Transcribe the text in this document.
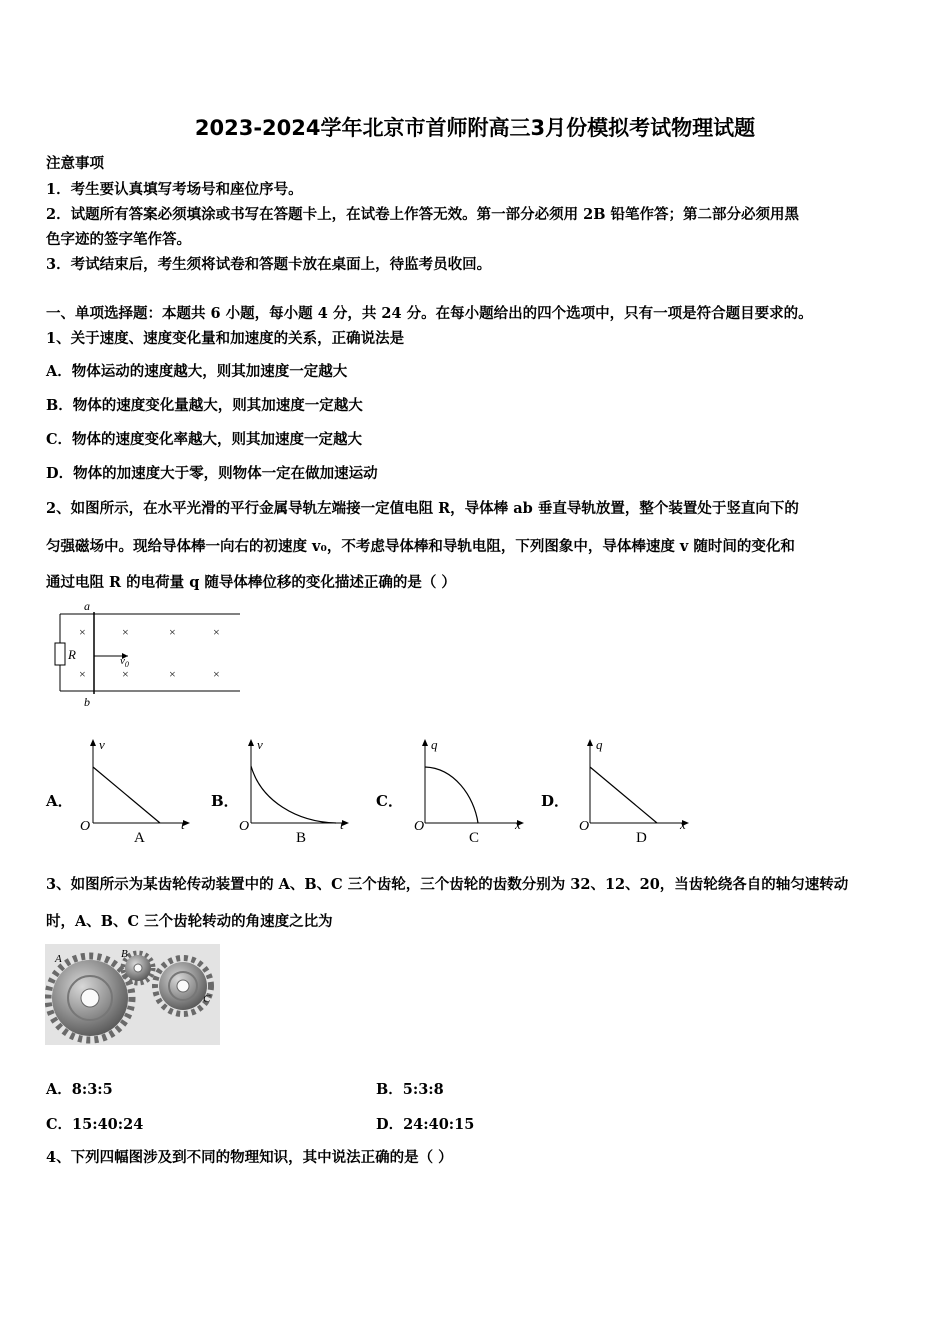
2023-2024学年北京市首师附高三3月份模拟考试物理试题
注意事项
1．考生要认真填写考场号和座位序号。
2．试题所有答案必须填涂或书写在答题卡上，在试卷上作答无效。第一部分必须用 2B 铅笔作答；第二部分必须用黑
色字迹的签字笔作答。
3．考试结束后，考生须将试卷和答题卡放在桌面上，待监考员收回。
一、单项选择题：本题共 6 小题，每小题 4 分，共 24 分。在每小题给出的四个选项中，只有一项是符合题目要求的。
1、关于速度、速度变化量和加速度的关系，正确说法是
A．物体运动的速度越大，则其加速度一定越大
B．物体的速度变化量越大，则其加速度一定越大
C．物体的速度变化率越大，则其加速度一定越大
D．物体的加速度大于零，则物体一定在做加速运动
2、如图所示，在水平光滑的平行金属导轨左端接一定值电阻 R，导体棒 ab 垂直导轨放置，整个装置处于竖直向下的
匀强磁场中。现给导体棒一向右的初速度 v₀，不考虑导体棒和导轨电阻，下列图象中，导体棒速度 v 随时间的变化和
通过电阻 R 的电荷量 q 随导体棒位移的变化描述正确的是（ ）
R
a
b
$v_0$
×	×	×	×
×	×	×	×
A．
v
t
O
A
B．
v
t
O
B
C．
q
x
O
C
D．
q
x
O
D
3、如图所示为某齿轮传动装置中的 A、B、C 三个齿轮，三个齿轮的齿数分别为 32、12、20，当齿轮绕各自的轴匀速转动
时，A、B、C 三个齿轮转动的角速度之比为
A	B
C
A．8:3:5	B．5:3:8
C．15:40:24	D．24:40:15
4、下列四幅图涉及到不同的物理知识，其中说法正确的是（ ）
